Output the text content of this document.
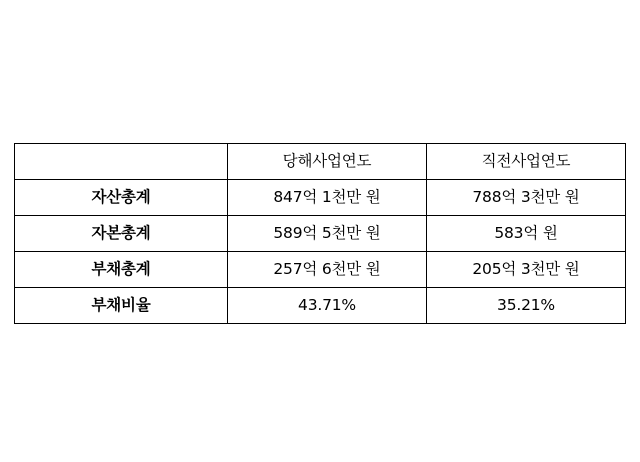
	당해사업연도	직전사업연도
자산총계	847억 1천만 원	788억 3천만 원
자본총계	589억 5천만 원	583억 원
부채총계	257억 6천만 원	205억 3천만 원
부채비율	43.71%	35.21%
